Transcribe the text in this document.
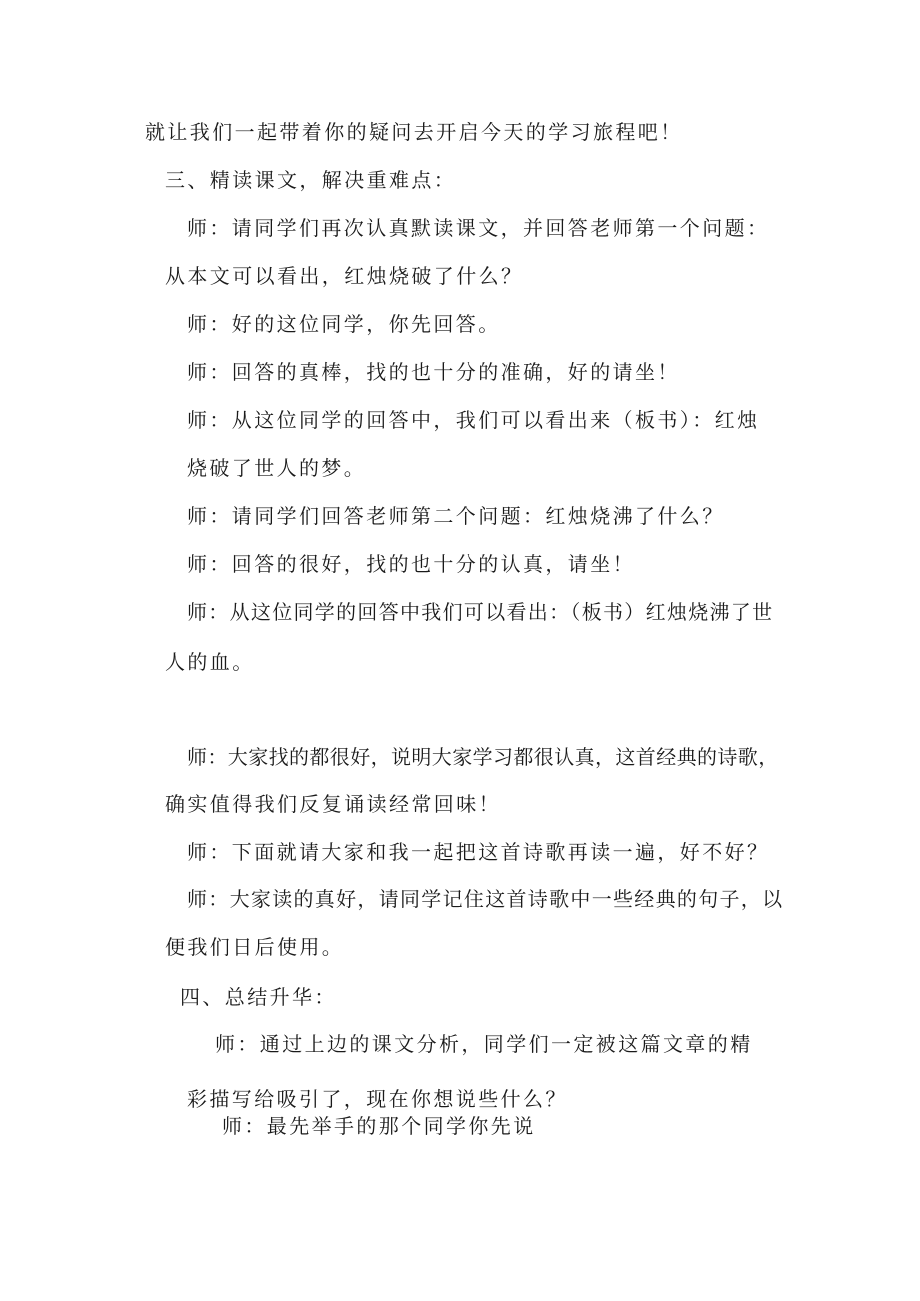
就让我们一起带着你的疑问去开启今天的学习旅程吧！
三、精读课文，解决重难点：
师：请同学们再次认真默读课文，并回答老师第一个问题：
从本文可以看出，红烛烧破了什么？
师：好的这位同学，你先回答。
师：回答的真棒，找的也十分的准确，好的请坐！
师：从这位同学的回答中，我们可以看出来（板书）：红烛
烧破了世人的梦。
师：请同学们回答老师第二个问题：红烛烧沸了什么？
师：回答的很好，找的也十分的认真，请坐！
师：从这位同学的回答中我们可以看出：（板书）红烛烧沸了世
人的血。
师：大家找的都很好，说明大家学习都很认真，这首经典的诗歌，
确实值得我们反复诵读经常回味！
师：下面就请大家和我一起把这首诗歌再读一遍，好不好？
师：大家读的真好，请同学记住这首诗歌中一些经典的句子，以
便我们日后使用。
四、总结升华：
师：通过上边的课文分析，同学们一定被这篇文章的精
彩描写给吸引了，现在你想说些什么？
师：最先举手的那个同学你先说
